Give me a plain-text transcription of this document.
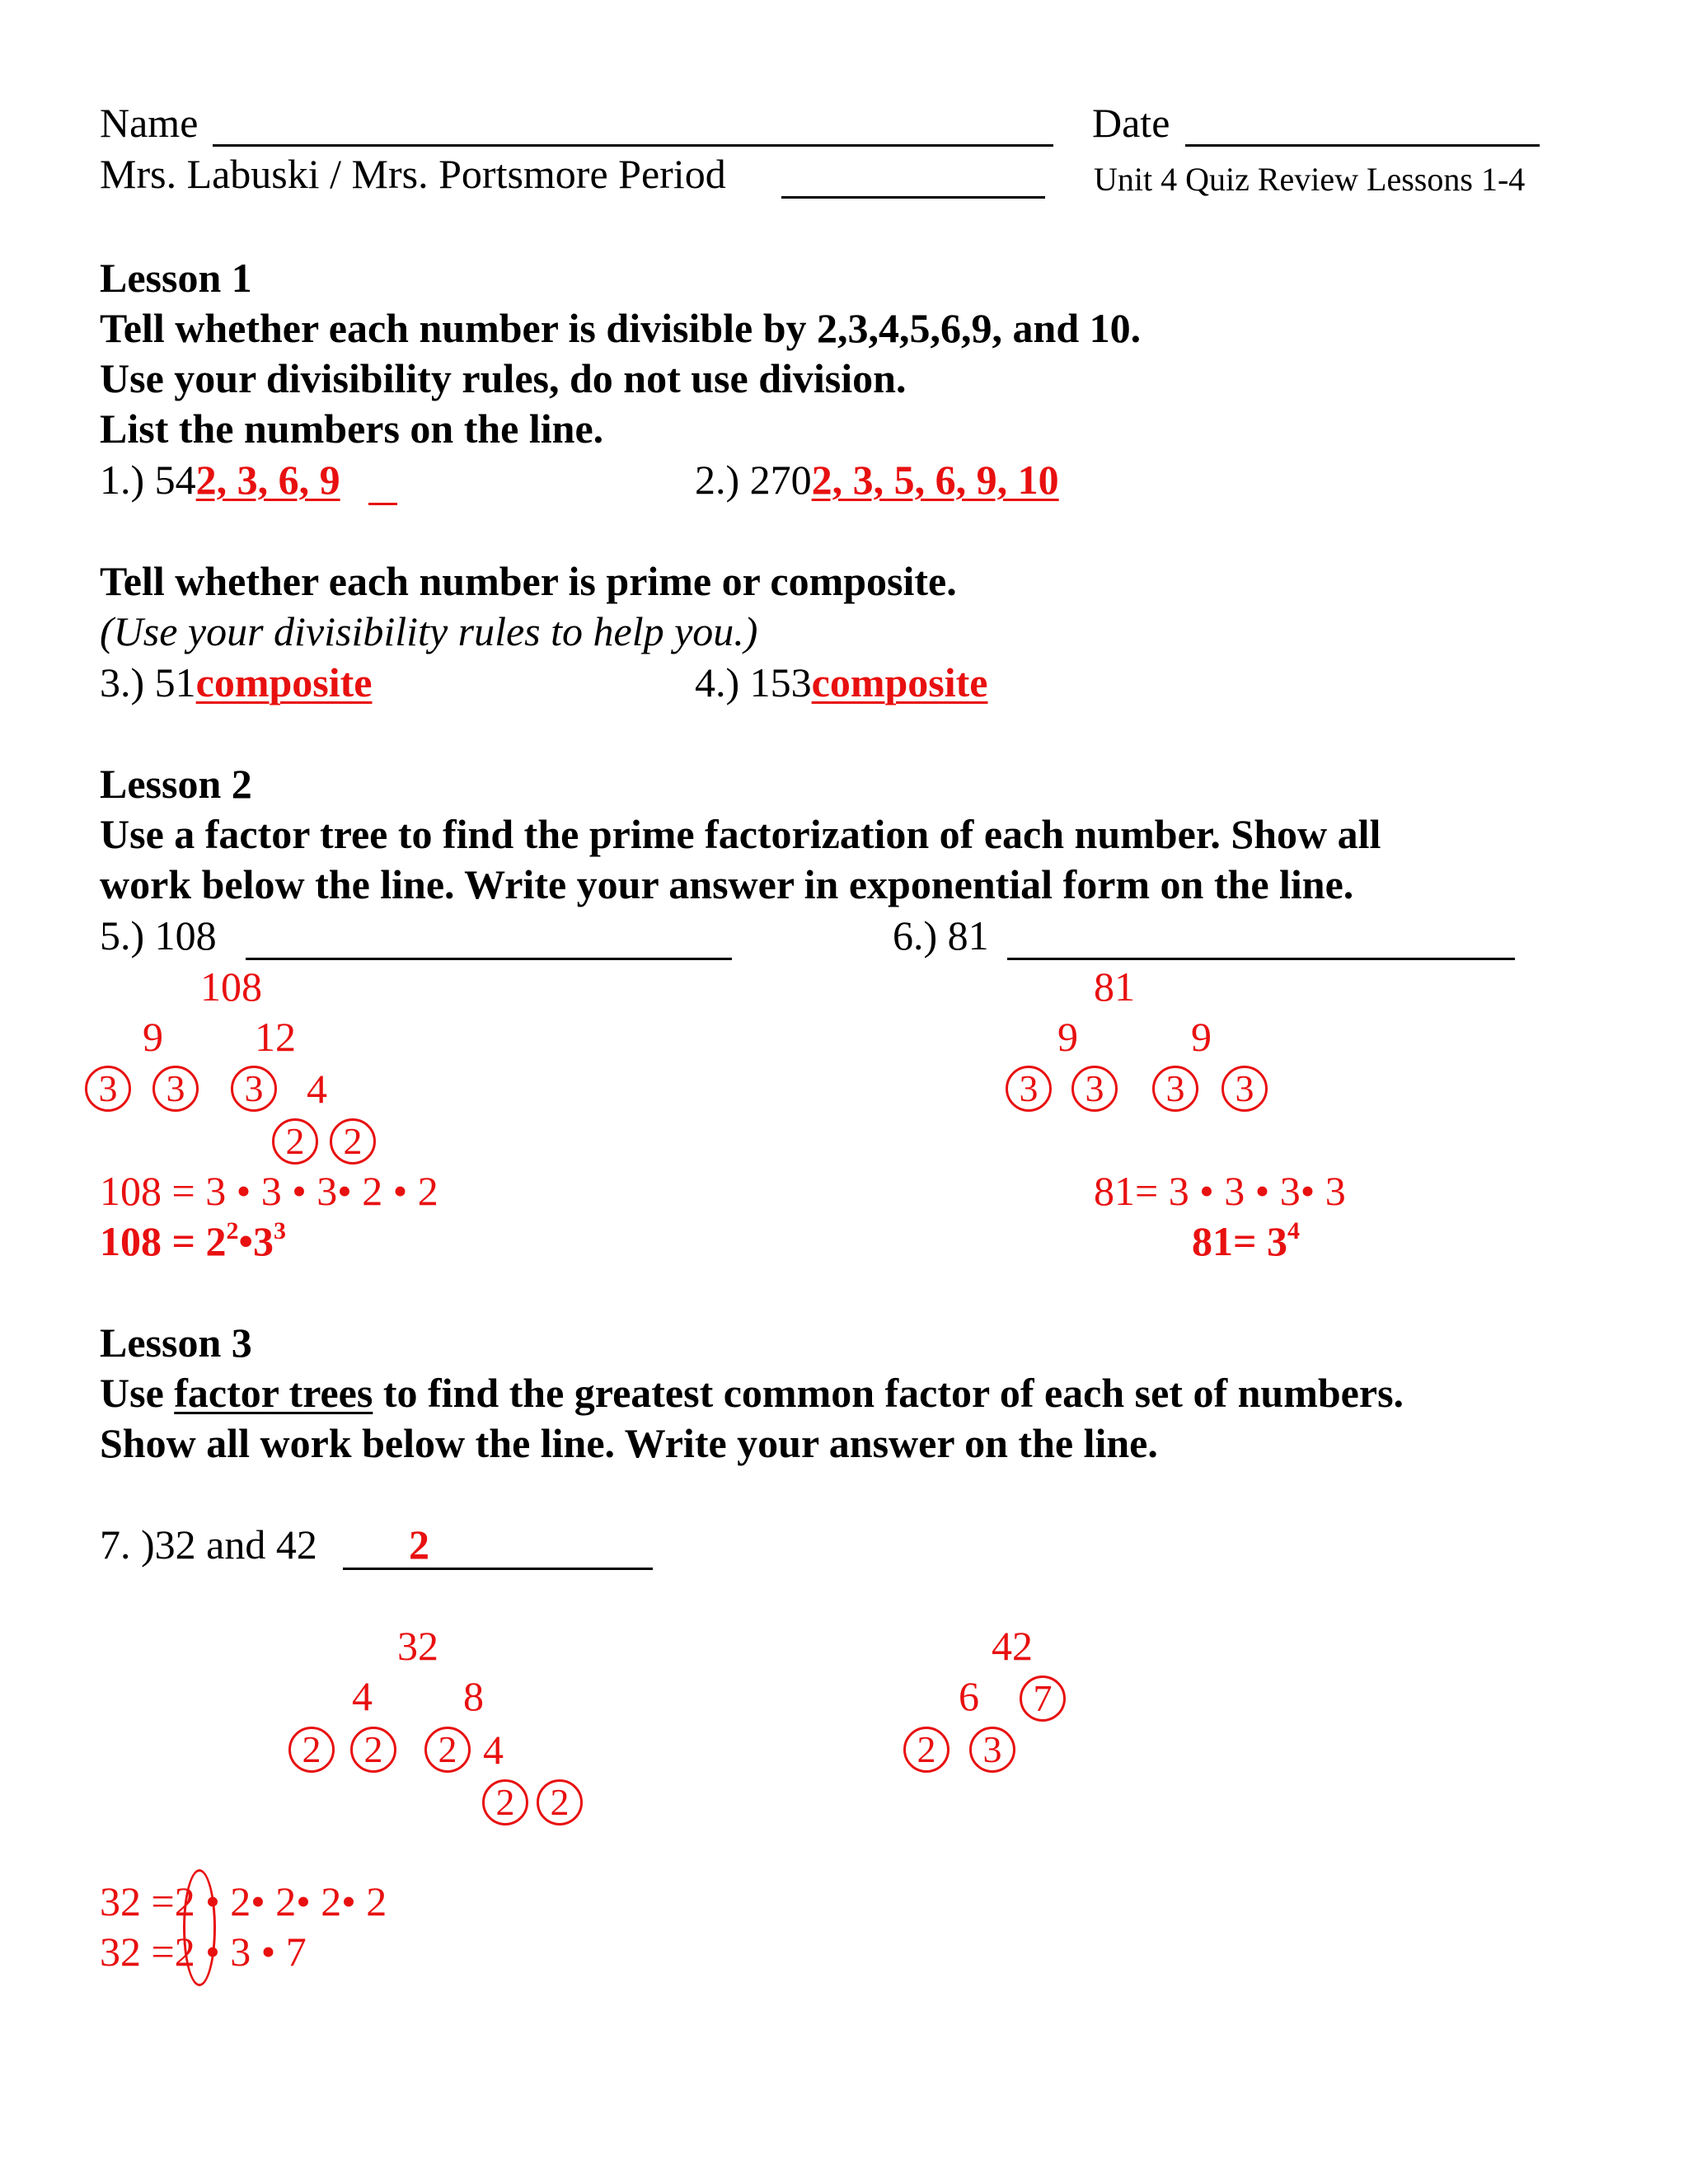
Name	Date
Mrs. Labuski / Mrs. Portsmore Period	Unit 4 Quiz Review Lessons 1-4
Lesson 1
Tell whether each number is divisible by 2,3,4,5,6,9, and 10.
Use your divisibility rules, do not use division.
List the numbers on the line.
1.) 542, 3, 6, 9	2.) 2702, 3, 5, 6, 9, 10
Tell whether each number is prime or composite.
(Use your divisibility rules to help you.)
3.) 51composite	4.) 153composite
Lesson 2
Use a factor tree to find the prime factorization of each number. Show all
work below the line. Write your answer in exponential form on the line.
5.) 108	6.) 81
108
9 12
3	3	3	4
2	2
108 = 3 • 3 • 3• 2 • 2
$108 = 2^2•3^3$
81
9	9
3	3	3	3
81= 3 • 3 • 3• 3
$81= 3^4$
Lesson 3
Use factor trees to find the greatest common factor of each set of numbers.
Show all work below the line. Write your answer on the line.
7. )32 and 42 2
32
4 8
2	2	2 4
2 2
42
6	7
2	3
32 =2 • 2• 2• 2• 2
32 =2 • 3 • 7
